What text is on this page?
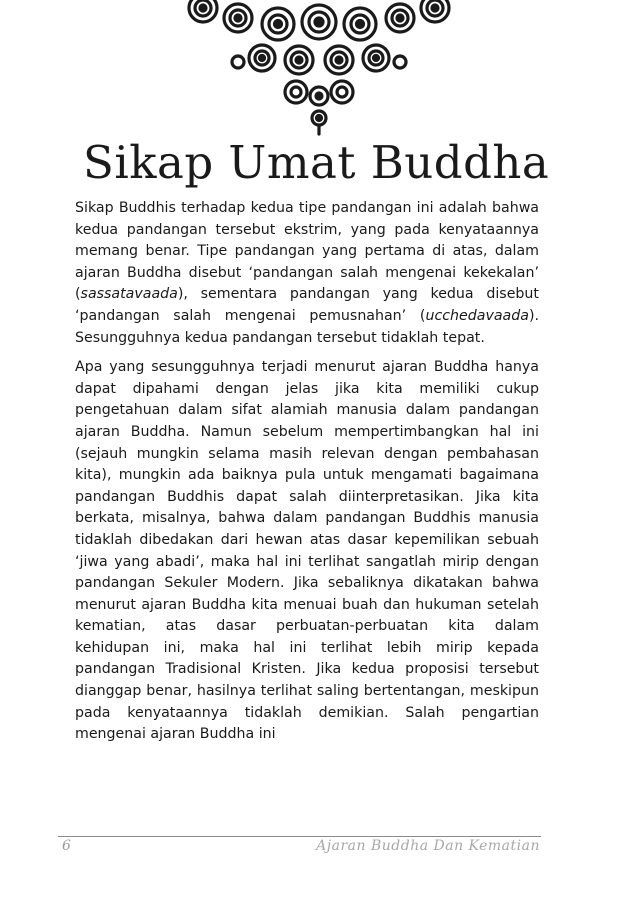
Sikap Umat Buddha

Sikap Buddhis terhadap kedua tipe pandangan ini adalah bahwa kedua pandangan tersebut ekstrim, yang pada kenyataannya memang benar. Tipe pandangan yang pertama di atas, dalam ajaran Buddha disebut ‘pandangan salah mengenai kekekalan’ (sassatavaada), sementara pandangan yang kedua disebut ‘pandangan salah mengenai pemusnahan’ (ucchedavaada). Sesungguhnya kedua pandangan tersebut tidaklah tepat.

Apa yang sesungguhnya terjadi menurut ajaran Buddha hanya dapat dipahami dengan jelas jika kita memiliki cukup pengetahuan dalam sifat alamiah manusia dalam pandangan ajaran Buddha. Namun sebelum mempertimbangkan hal ini (sejauh mungkin selama masih relevan dengan pembahasan kita), mungkin ada baiknya pula untuk mengamati bagaimana pandangan Buddhis dapat salah diinterpretasikan. Jika kita berkata, misalnya, bahwa dalam pandangan Buddhis manusia tidaklah dibedakan dari hewan atas dasar kepemilikan sebuah ‘jiwa yang abadi’, maka hal ini terlihat sangatlah mirip dengan pandangan Sekuler Modern. Jika sebaliknya dikatakan bahwa menurut ajaran Buddha kita menuai buah dan hukuman setelah kematian, atas dasar perbuatan-perbuatan kita dalam kehidupan ini, maka hal ini terlihat lebih mirip kepada pandangan Tradisional Kristen. Jika kedua proposisi tersebut dianggap benar, hasilnya terlihat saling bertentangan, meskipun pada kenyataannya tidaklah demikian. Salah pengartian mengenai ajaran Buddha ini

6	Ajaran Buddha Dan Kematian
